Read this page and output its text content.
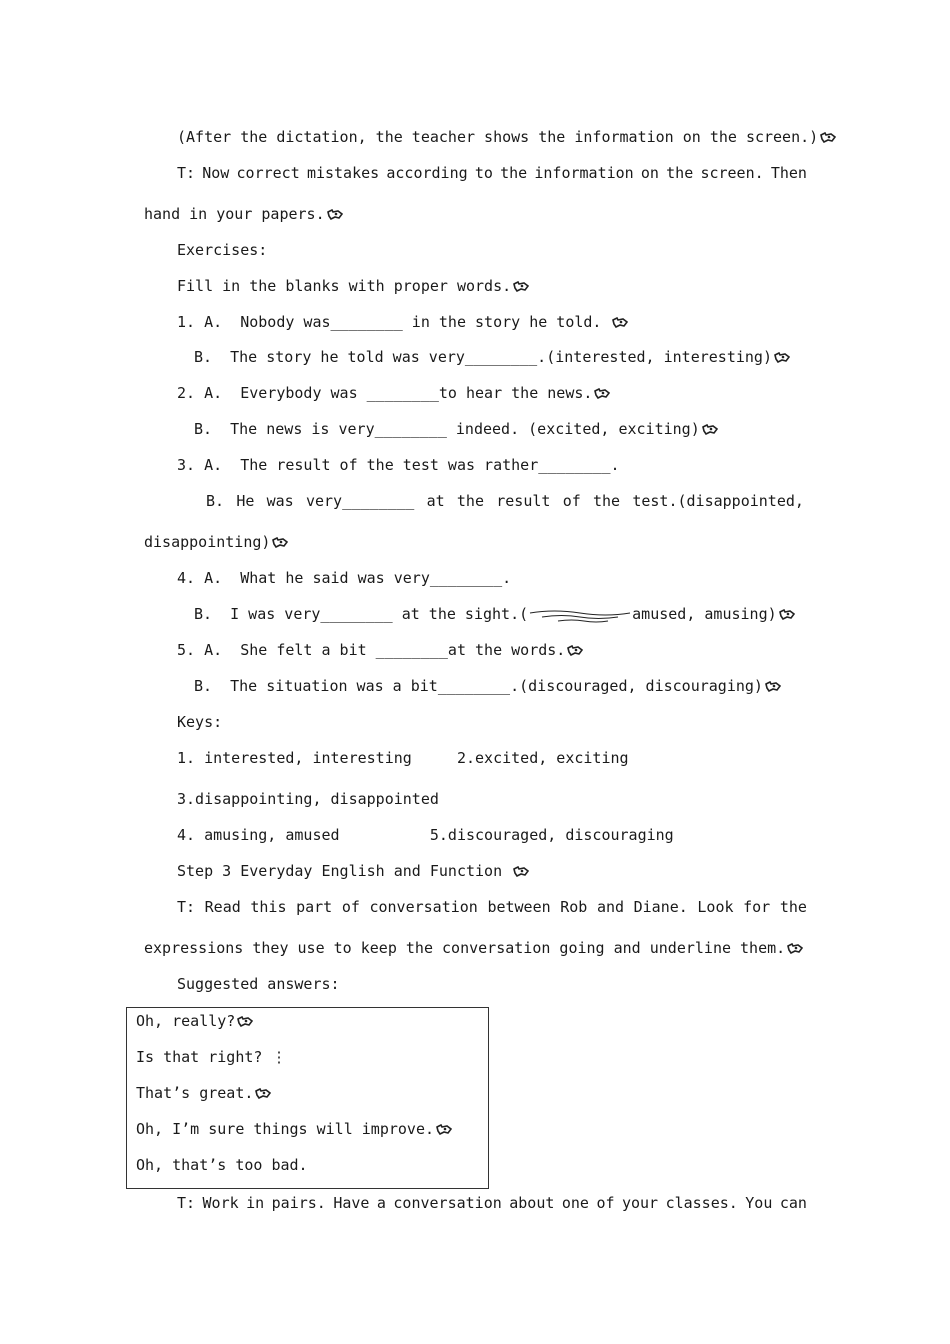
(After the dictation, the teacher shows the information on the screen.)
T: Now correct mistakes according to the information on the screen. Then
hand in your papers.
Exercises:
Fill in the blanks with proper words.
1. A.  Nobody was________ in the story he told.
B.  The story he told was very________.(interested, interesting)
2. A.  Everybody was ________to hear the news.
B.  The news is very________ indeed. (excited, exciting)
3. A.  The result of the test was rather________.
B. He was very________ at the result of the test.(disappointed,
disappointing)
4. A.  What he said was very________.
B.  I was very________ at the sight.(	amused, amusing)
5. A.  She felt a bit ________at the words.
B.  The situation was a bit________.(discouraged, discouraging)
Keys:
1. interested, interesting     2.excited, exciting
3.disappointing, disappointed
4. amusing, amused          5.discouraged, discouraging
Step 3 Everyday English and Function
T: Read this part of conversation between Rob and Diane. Look for the
expressions they use to keep the conversation going and underline them.
Suggested answers:
Oh, really?
Is that right? ⋮
That’s great.
Oh, I’m sure things will improve.
Oh, that’s too bad.
T: Work in pairs. Have a conversation about one of your classes. You can
